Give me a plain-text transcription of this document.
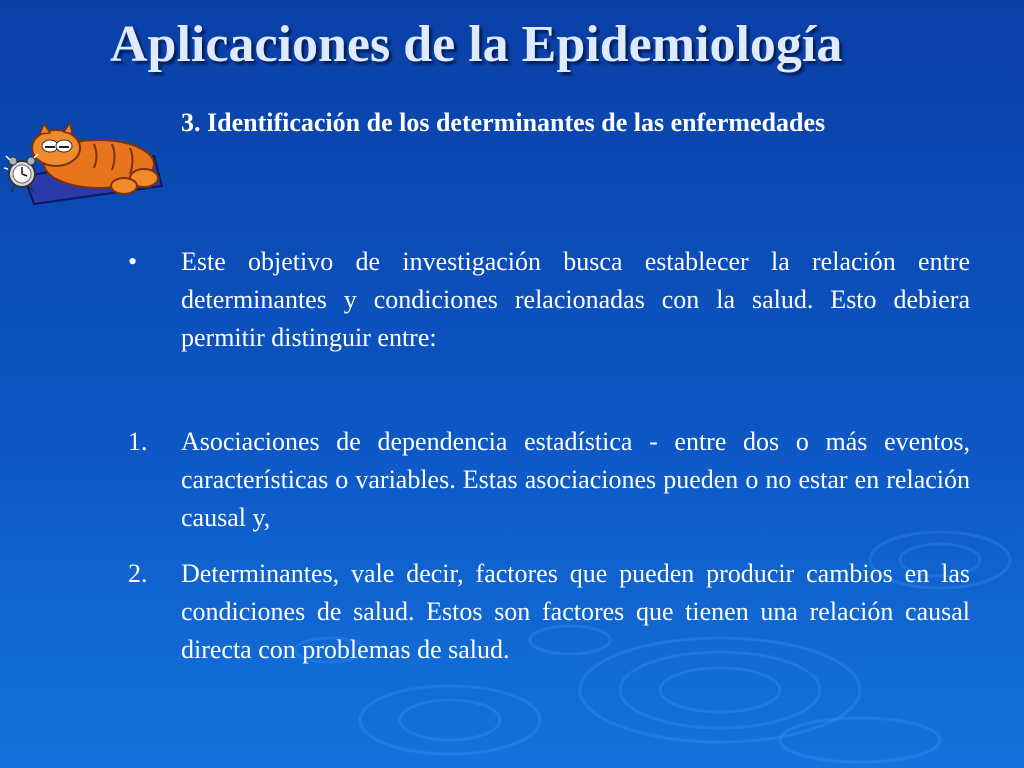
Aplicaciones de la Epidemiología
3. Identificación de los determinantes de las enfermedades
•	Este objetivo de investigación busca establecer la relación entre determinantes y condiciones relacionadas con la salud. Esto debiera permitir distinguir entre:
1.	Asociaciones de dependencia estadística - entre dos o más eventos, características o variables. Estas asociaciones pueden o no estar en relación causal y,
2.	Determinantes, vale decir, factores que pueden producir cambios en las condiciones de salud. Estos son factores que tienen una relación causal directa con problemas de salud.
